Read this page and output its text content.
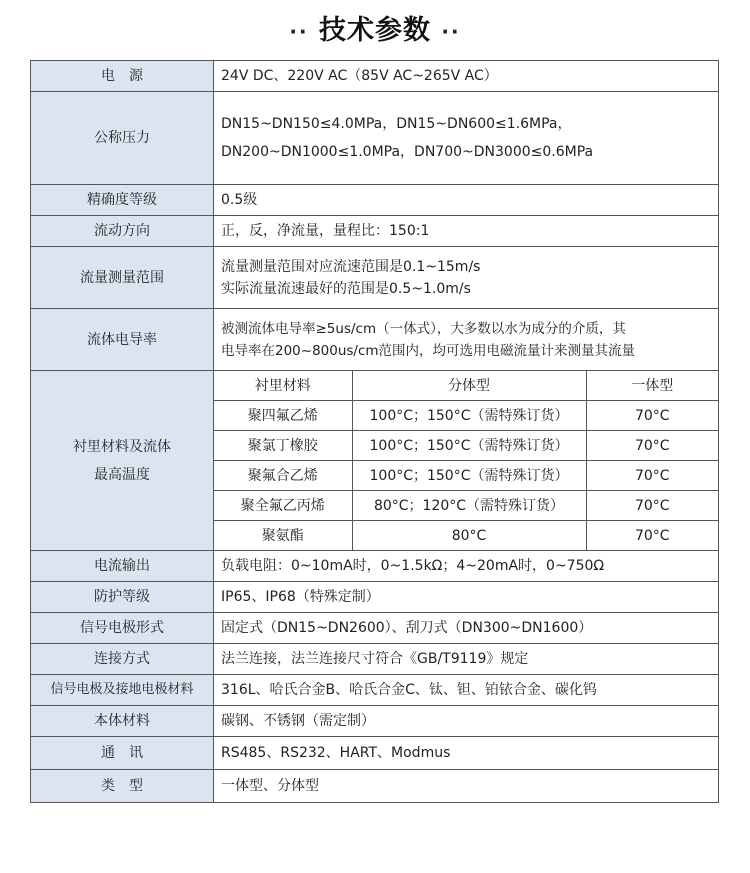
·· 技术参数 ··
电　源	24V DC、220V AC（85V AC~265V AC）
公称压力	
DN15~DN150≤4.0MPa，DN15~DN600≤1.6MPa，
DN200~DN1000≤1.0MPa，DN700~DN3000≤0.6MPa

精确度等级	0.5级
流动方向	正，反，净流量，量程比：150:1
流量测量范围	
流量测量范围对应流速范围是0.1~15m/s
实际流量流速最好的范围是0.5~1.0m/s

流体电导率	
被测流体电导率≥5us/cm（一体式），大多数以水为成分的介质，其
电导率在200~800us/cm范围内，均可选用电磁流量计来测量其流量

衬里材料及流体
最高温度

衬里材料	分体型	一体型
聚四氟乙烯	100°C；150°C（需特殊订货）	70°C
聚氯丁橡胶	100°C；150°C（需特殊订货）	70°C
聚氟合乙烯	100°C；150°C（需特殊订货）	70°C
聚全氟乙丙烯	80°C；120°C（需特殊订货）	70°C
聚氨酯	80°C	70°C

电流输出	负载电阻：0~10mA时，0~1.5kΩ；4~20mA时，0~750Ω
防护等级	IP65、IP68（特殊定制）
信号电极形式	固定式（DN15~DN2600）、刮刀式（DN300~DN1600）
连接方式	法兰连接，法兰连接尺寸符合《GB/T9119》规定
信号电极及接地电极材料	316L、哈氏合金B、哈氏合金C、钛、钽、铂铱合金、碳化钨
本体材料	碳钢、不锈钢（需定制）
通　讯	RS485、RS232、HART、Modmus
类　型	一体型、分体型
